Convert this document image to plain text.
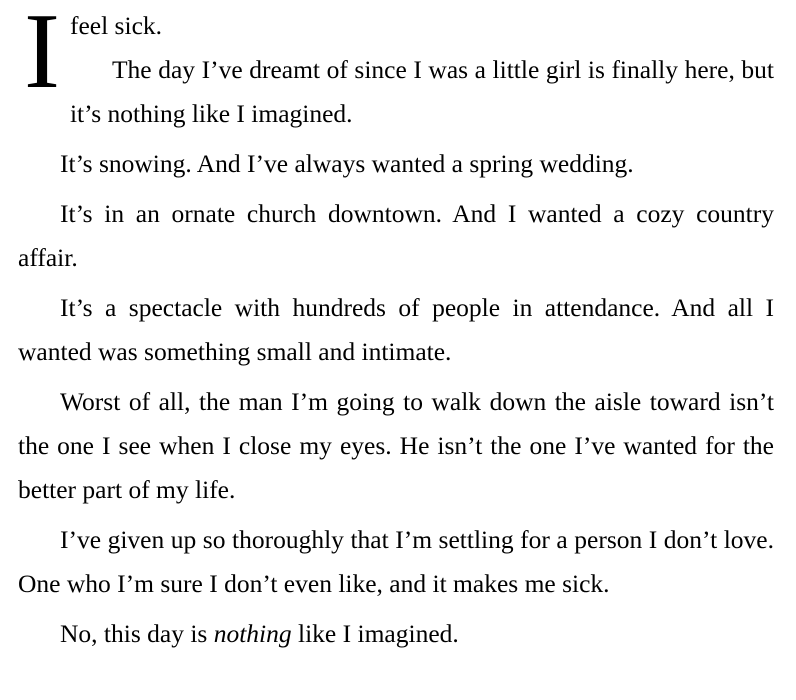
I feel sick.
The day I’ve dreamt of since I was a little girl is finally here, but it’s nothing like I imagined.

It’s snowing. And I’ve always wanted a spring wedding.

It’s in an ornate church downtown. And I wanted a cozy country affair.

It’s a spectacle with hundreds of people in attendance. And all I wanted was something small and intimate.

Worst of all, the man I’m going to walk down the aisle toward isn’t the one I see when I close my eyes. He isn’t the one I’ve wanted for the better part of my life.

I’ve given up so thoroughly that I’m settling for a person I don’t love. One who I’m sure I don’t even like, and it makes me sick.

No, this day is nothing like I imagined.
